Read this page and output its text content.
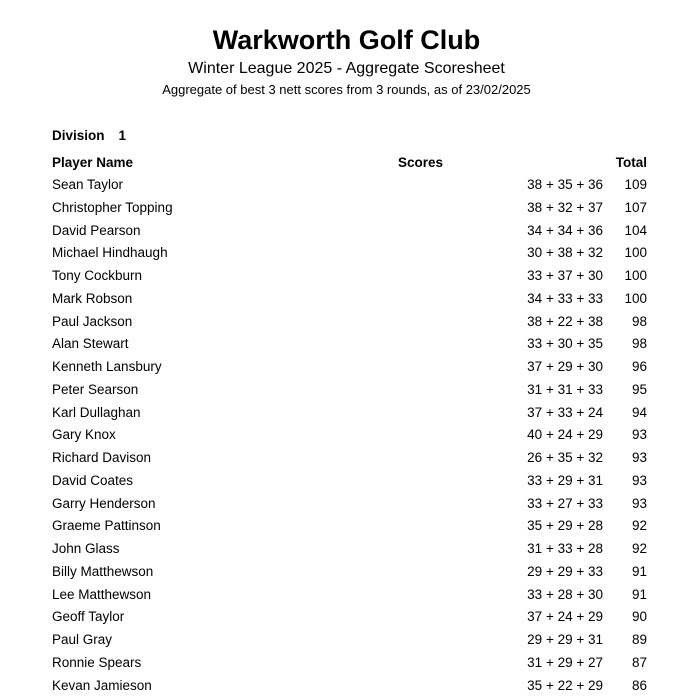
Warkworth Golf Club
Winter League 2025 - Aggregate Scoresheet
Aggregate of best 3 nett scores from 3 rounds, as of 23/02/2025
Division 1
Player Name	Scores	Total
Sean Taylor	38 + 35 + 36 109
Christopher Topping	38 + 32 + 37 107
David Pearson	34 + 34 + 36 104
Michael Hindhaugh	30 + 38 + 32 100
Tony Cockburn	33 + 37 + 30 100
Mark Robson	34 + 33 + 33 100
Paul Jackson	38 + 22 + 38 98
Alan Stewart	33 + 30 + 35 98
Kenneth Lansbury	37 + 29 + 30 96
Peter Searson	31 + 31 + 33 95
Karl Dullaghan	37 + 33 + 24 94
Gary Knox	40 + 24 + 29 93
Richard Davison	26 + 35 + 32 93
David Coates	33 + 29 + 31 93
Garry Henderson	33 + 27 + 33 93
Graeme Pattinson	35 + 29 + 28 92
John Glass	31 + 33 + 28 92
Billy Matthewson	29 + 29 + 33 91
Lee Matthewson	33 + 28 + 30 91
Geoff Taylor	37 + 24 + 29 90
Paul Gray	29 + 29 + 31 89
Ronnie Spears	31 + 29 + 27 87
Kevan Jamieson	35 + 22 + 29 86
